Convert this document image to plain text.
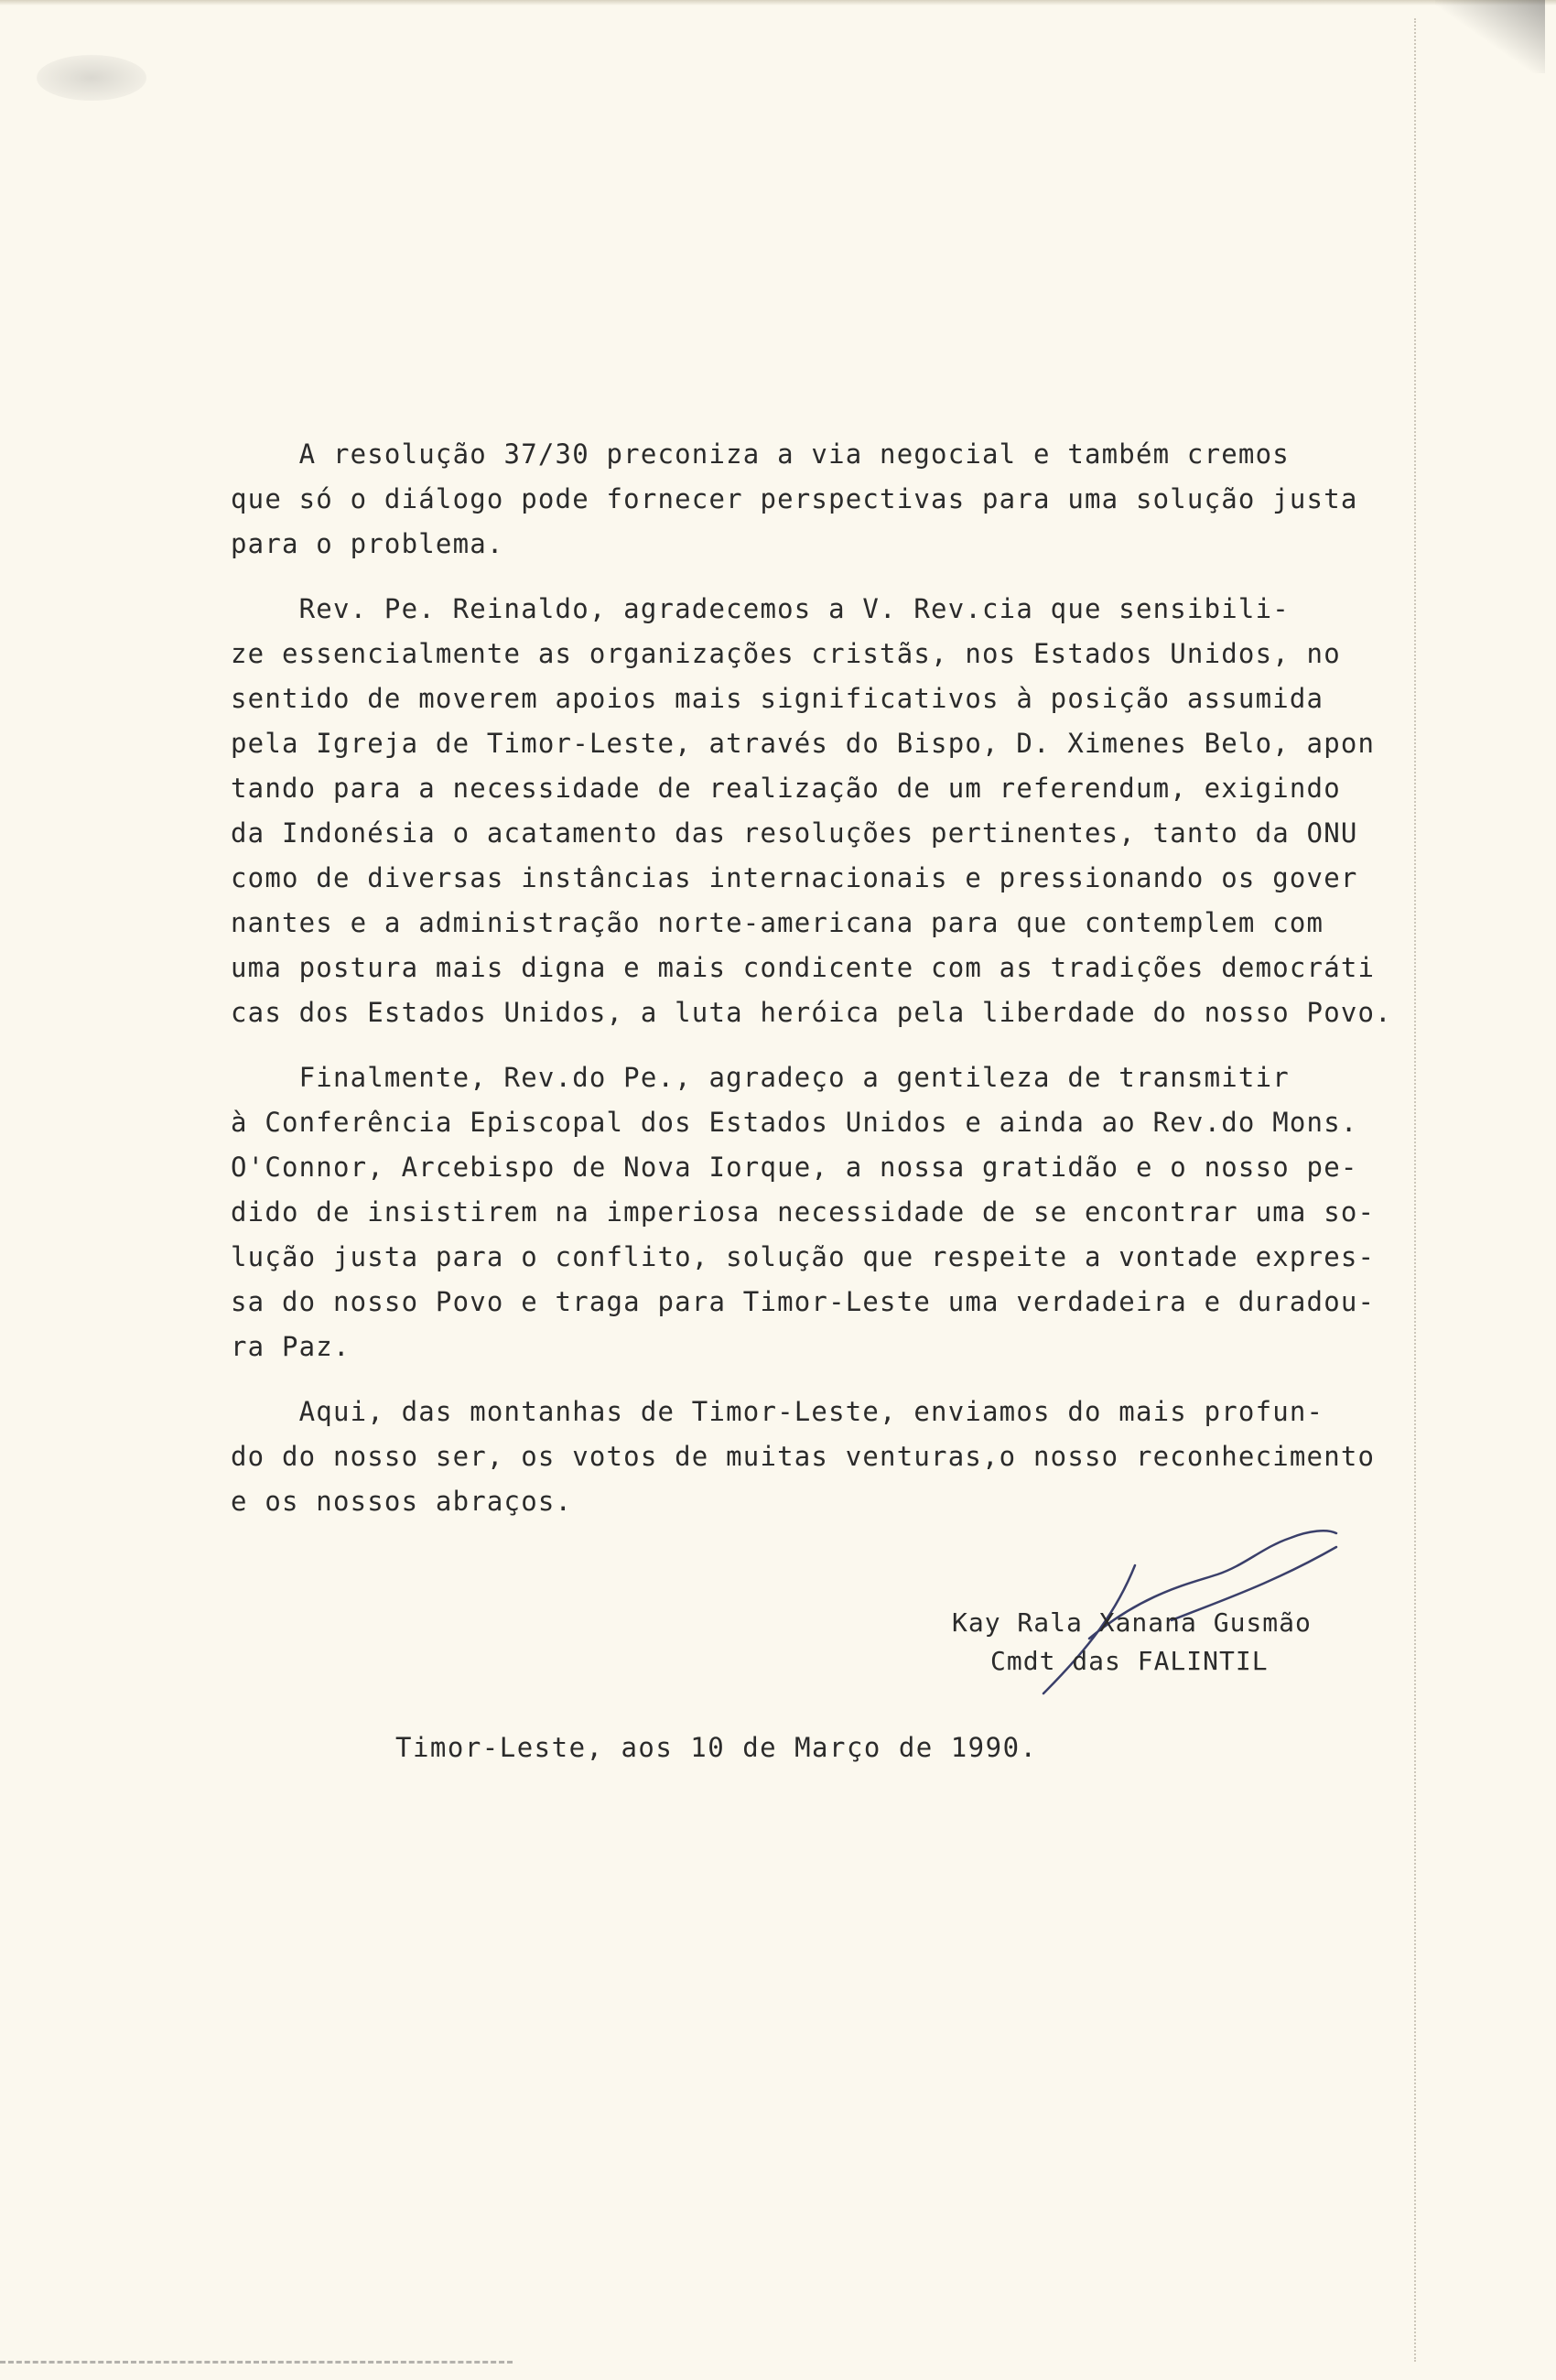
A resolução 37/30 preconiza a via negocial e também cremos
que só o diálogo pode fornecer perspectivas para uma solução justa
para o problema.
Rev. Pe. Reinaldo, agradecemos a V. Rev.cia que sensibili-
ze essencialmente as organizações cristãs, nos Estados Unidos, no
sentido de moverem apoios mais significativos à posição assumida
pela Igreja de Timor-Leste, através do Bispo, D. Ximenes Belo, apon
tando para a necessidade de realização de um referendum, exigindo
da Indonésia o acatamento das resoluções pertinentes, tanto da ONU
como de diversas instâncias internacionais e pressionando os gover
nantes e a administração norte-americana para que contemplem com
uma postura mais digna e mais condicente com as tradições democráti
cas dos Estados Unidos, a luta heróica pela liberdade do nosso Povo.
Finalmente, Rev.do Pe., agradeço a gentileza de transmitir
à Conferência Episcopal dos Estados Unidos e ainda ao Rev.do Mons.
O'Connor, Arcebispo de Nova Iorque, a nossa gratidão e o nosso pe-
dido de insistirem na imperiosa necessidade de se encontrar uma so-
lução justa para o conflito, solução que respeite a vontade expres-
sa do nosso Povo e traga para Timor-Leste uma verdadeira e duradou-
ra Paz.
Aqui, das montanhas de Timor-Leste, enviamos do mais profun-
do do nosso ser, os votos de muitas venturas,o nosso reconhecimento
e os nossos abraços.
Kay Rala Xanana Gusmão
Cmdt das FALINTIL
Timor-Leste, aos 10 de Março de 1990.
